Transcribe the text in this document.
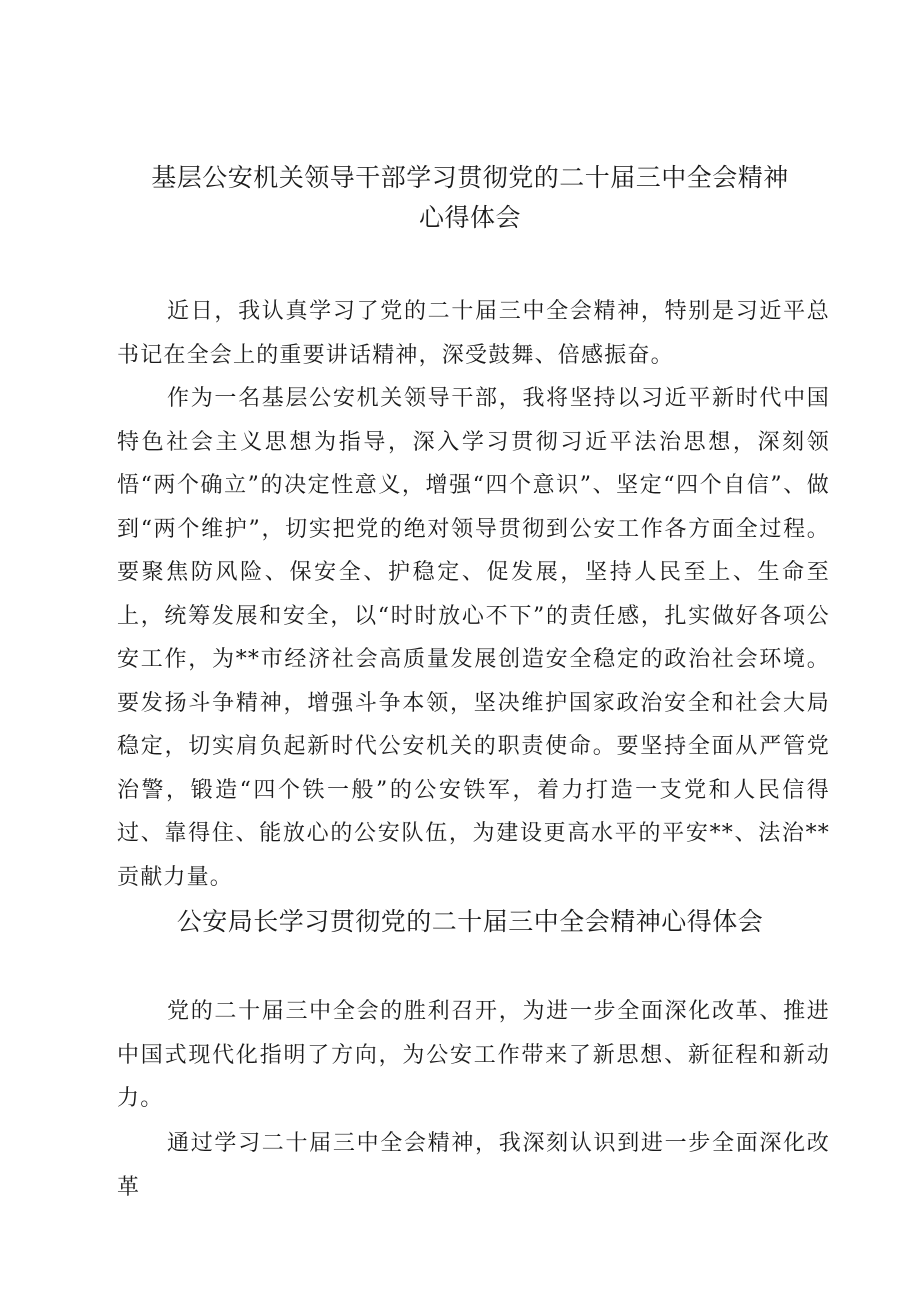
基层公安机关领导干部学习贯彻党的二十届三中全会精神心得体会

近日，我认真学习了党的二十届三中全会精神，特别是习近平总书记在全会上的重要讲话精神，深受鼓舞、倍感振奋。

作为一名基层公安机关领导干部，我将坚持以习近平新时代中国特色社会主义思想为指导，深入学习贯彻习近平法治思想，深刻领悟“两个确立”的决定性意义，增强“四个意识”、坚定“四个自信”、做到“两个维护”，切实把党的绝对领导贯彻到公安工作各方面全过程。要聚焦防风险、保安全、护稳定、促发展，坚持人民至上、生命至上，统筹发展和安全，以“时时放心不下”的责任感，扎实做好各项公安工作，为**市经济社会高质量发展创造安全稳定的政治社会环境。要发扬斗争精神，增强斗争本领，坚决维护国家政治安全和社会大局稳定，切实肩负起新时代公安机关的职责使命。要坚持全面从严管党治警，锻造“四个铁一般”的公安铁军，着力打造一支党和人民信得过、靠得住、能放心的公安队伍，为建设更高水平的平安**、法治**贡献力量。

公安局长学习贯彻党的二十届三中全会精神心得体会

党的二十届三中全会的胜利召开，为进一步全面深化改革、推进中国式现代化指明了方向，为公安工作带来了新思想、新征程和新动力。

通过学习二十届三中全会精神，我深刻认识到进一步全面深化改革
